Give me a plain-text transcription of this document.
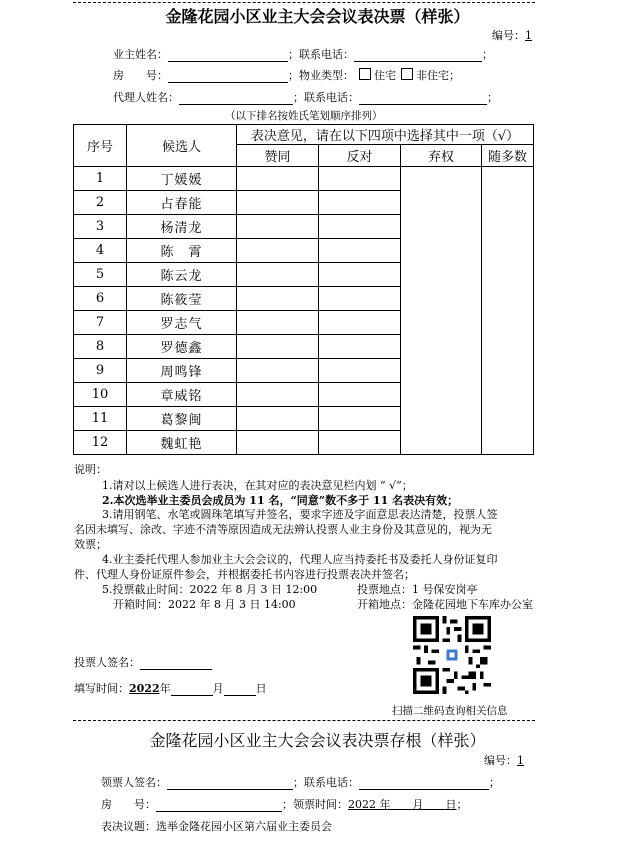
金隆花园小区业主大会会议表决票（样张）
编号：1
业主姓名：	；联系电话：	；
房　　号：	；物业类型： 住宅 非住宅；
代理人姓名：	；联系电话：	；
（以下排名按姓氏笔划顺序排列）
序号	候选人	表决意见，请在以下四项中选择其中一项（√）			
		赞同	反对	弃权	随多数
1	丁媛媛				
2	占春能				
3	杨清龙				
4	陈　霄				
5	陈云龙				
6	陈筱莹				
7	罗志气				
8	罗德鑫				
9	周鸣锋				
10	章威铭				
11	葛黎闽				
12	魏虹艳				
说明：
1.请对以上候选人进行表决，在其对应的表决意见栏内划 “ √”；
2.本次选举业主委员会成员为 11 名，“同意”数不多于 11 名表决有效；
3.请用钢笔、水笔或圆珠笔填写并签名，要求字迹及字面意思表达清楚，投票人签
名因未填写、涂改、字迹不清等原因造成无法辨认投票人业主身份及其意见的，视为无
效票；
4.业主委托代理人参加业主大会会议的，代理人应当持委托书及委托人身份证复印
件、代理人身份证原件参会，并根据委托书内容进行投票表决并签名；
5.投票截止时间：2022 年 8 月 3 日 12:00	投票地点：1 号保安岗亭
开箱时间：2022 年 8 月 3 日 14:00	开箱地点：金隆花园地下车库办公室
投票人签名：
填写时间：2022年	月	日
扫描二维码查询相关信息
金隆花园小区业主大会会议表决票存根（样张）
编号：1
领票人签名：	；联系电话：	；
房　　号：	；领票时间：2022 年　　月　　日；
表决议题：选举金隆花园小区第六届业主委员会
